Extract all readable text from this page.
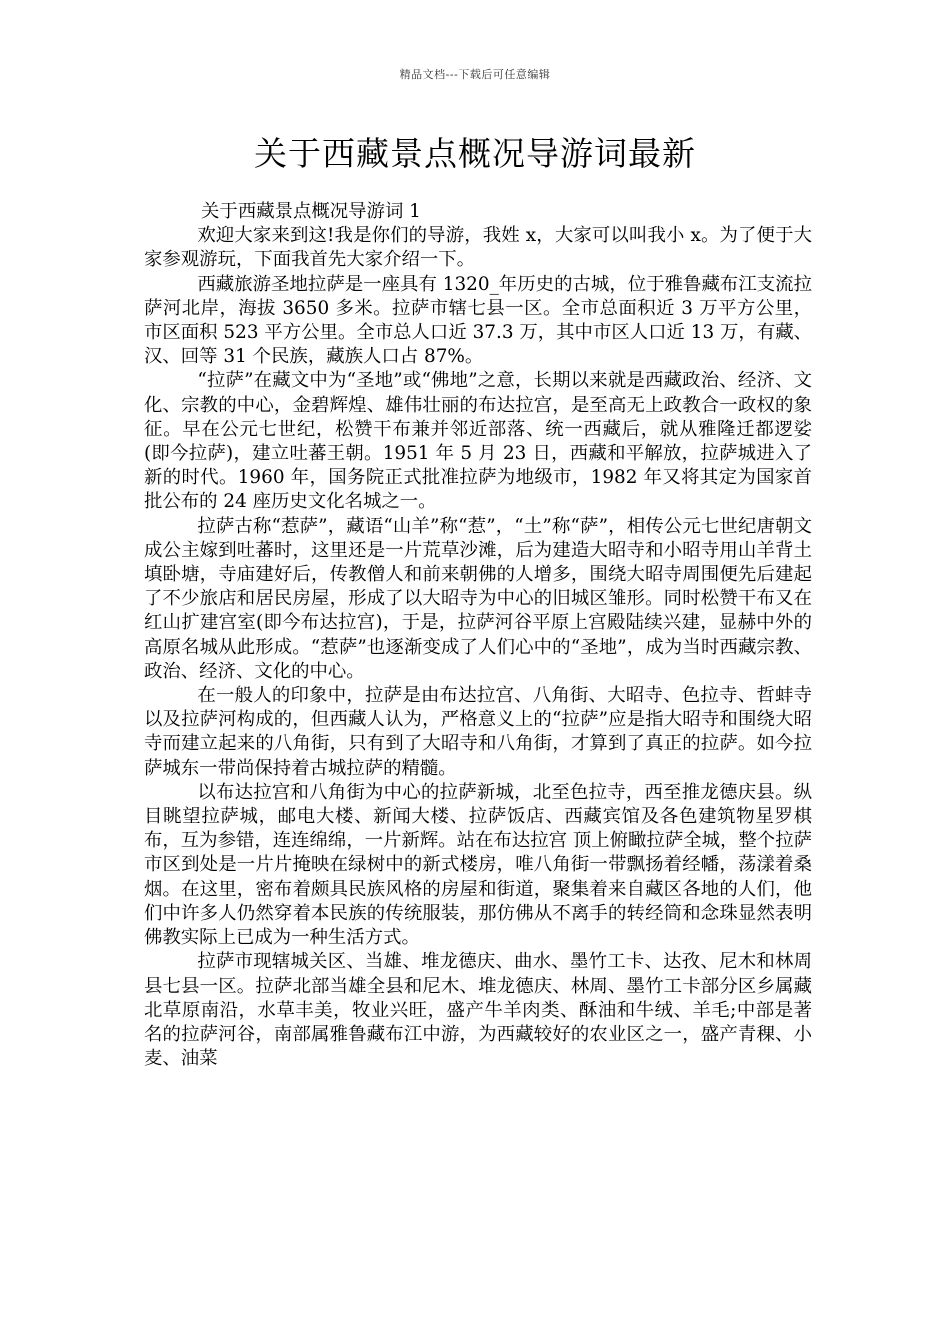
精品文档---下载后可任意编辑
关于西藏景点概况导游词最新

关于西藏景点概况导游词 1

欢迎大家来到这!我是你们的导游，我姓 x，大家可以叫我小 x。为了便于大家参观游玩，下面我首先大家介绍一下。

西藏旅游圣地拉萨是一座具有 1320_年历史的古城，位于雅鲁藏布江支流拉萨河北岸，海拔 3650 多米。拉萨市辖七县一区。全市总面积近 3 万平方公里，市区面积 523 平方公里。全市总人口近 37.3 万，其中市区人口近 13 万，有藏、汉、回等 31 个民族，藏族人口占 87%。

“拉萨”在藏文中为“圣地”或“佛地”之意，长期以来就是西藏政治、经济、文化、宗教的中心，金碧辉煌、雄伟壮丽的布达拉宫，是至高无上政教合一政权的象征。早在公元七世纪，松赞干布兼并邻近部落、统一西藏后，就从雅隆迁都逻娑(即今拉萨)，建立吐蕃王朝。1951 年 5 月 23 日，西藏和平解放，拉萨城进入了新的时代。1960 年，国务院正式批准拉萨为地级市，1982 年又将其定为国家首批公布的 24 座历史文化名城之一。

拉萨古称“惹萨”，藏语“山羊”称“惹”，“土”称“萨”，相传公元七世纪唐朝文成公主嫁到吐蕃时，这里还是一片荒草沙滩，后为建造大昭寺和小昭寺用山羊背土填卧塘，寺庙建好后，传教僧人和前来朝佛的人增多，围绕大昭寺周围便先后建起了不少旅店和居民房屋，形成了以大昭寺为中心的旧城区雏形。同时松赞干布又在红山扩建宫室(即今布达拉宫)，于是，拉萨河谷平原上宫殿陆续兴建，显赫中外的高原名城从此形成。“惹萨”也逐渐变成了人们心中的“圣地”，成为当时西藏宗教、政治、经济、文化的中心。

在一般人的印象中，拉萨是由布达拉宫、八角街、大昭寺、色拉寺、哲蚌寺以及拉萨河构成的，但西藏人认为，严格意义上的“拉萨”应是指大昭寺和围绕大昭寺而建立起来的八角街，只有到了大昭寺和八角街，才算到了真正的拉萨。如今拉萨城东一带尚保持着古城拉萨的精髓。

以布达拉宫和八角街为中心的拉萨新城，北至色拉寺，西至推龙德庆县。纵目眺望拉萨城，邮电大楼、新闻大楼、拉萨饭店、西藏宾馆及各色建筑物星罗棋布，互为参错，连连绵绵，一片新辉。站在布达拉宫 顶上俯瞰拉萨全城，整个拉萨市区到处是一片片掩映在绿树中的新式楼房，唯八角街一带飘扬着经幡，荡漾着桑烟。在这里，密布着颇具民族风格的房屋和街道，聚集着来自藏区各地的人们，他们中许多人仍然穿着本民族的传统服装，那仿佛从不离手的转经筒和念珠显然表明佛教实际上已成为一种生活方式。

拉萨市现辖城关区、当雄、堆龙德庆、曲水、墨竹工卡、达孜、尼木和林周县七县一区。拉萨北部当雄全县和尼木、堆龙德庆、林周、墨竹工卡部分区乡属藏北草原南沿，水草丰美，牧业兴旺，盛产牛羊肉类、酥油和牛绒、羊毛;中部是著名的拉萨河谷，南部属雅鲁藏布江中游，为西藏较好的农业区之一，盛产青稞、小麦、油菜
